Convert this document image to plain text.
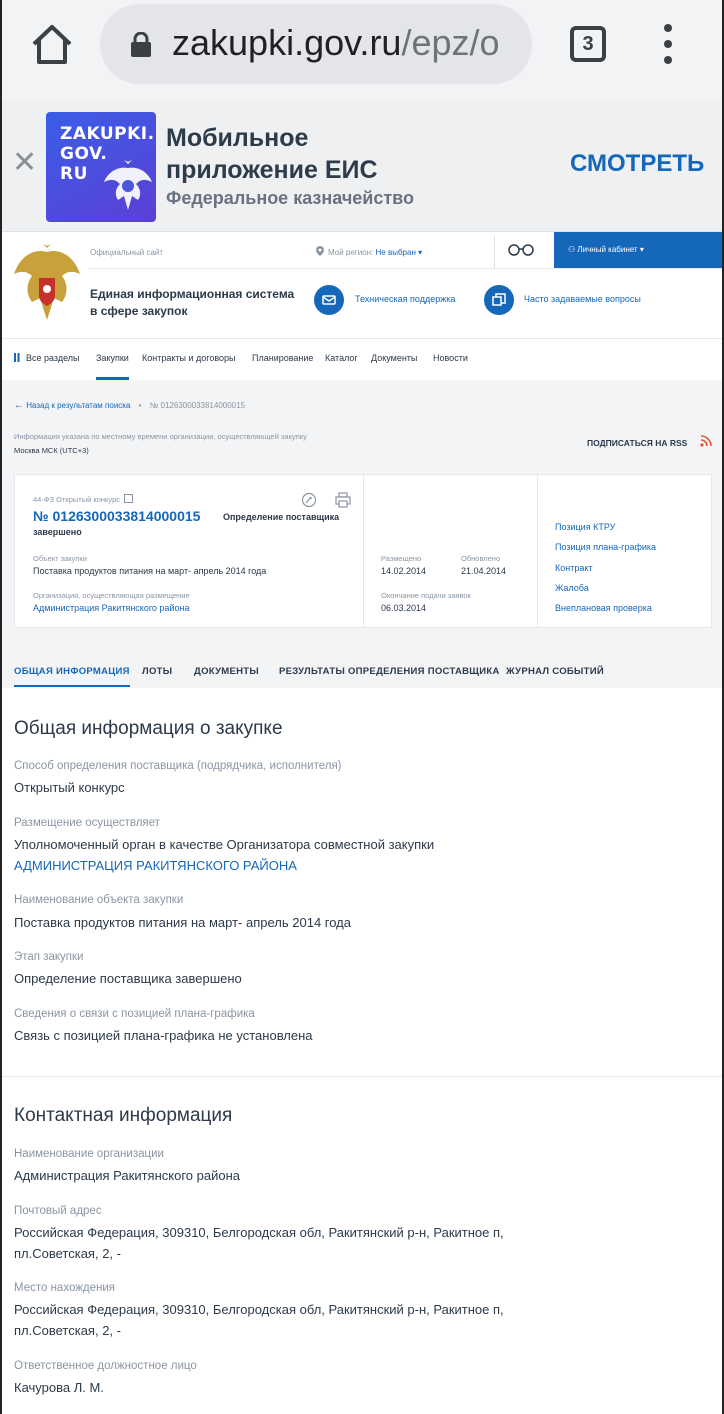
zakupki.gov.ru/epz/o	3
✕
ZAKUPKI. GOV. RU
Мобильное приложение ЕИС
Федеральное казначейство
СМОТРЕТЬ
Официальный сайт	Мой регион: Не выбран ▾	⚇ Личный кабинет ▾
Единая информационная система в сфере закупок
Техническая поддержка	Часто задаваемые вопросы
Все разделы Закупки Контракты и договоры Планирование Каталог Документы Новости
← Назад к результатам поиска • № 0126300033814000015
Информация указана по местному времени организации, осуществляющей закупку
Москва МСК (UTC+3)
ПОДПИСАТЬСЯ НА RSS
44-ФЗ Открытый конкурс
№ 0126300033814000015	Определение поставщика
завершено
Объект закупки
Поставка продуктов питания на март- апрель 2014 года
Организация, осуществляющая размещение
Администрация Ракитянского района
Размещено
14.02.2014
Обновлено
21.04.2014
Окончание подачи заявок
06.03.2014
Позиция КТРУ
Позиция плана-графика
Контракт
Жалоба
Внеплановая проверка
ОБЩАЯ ИНФОРМАЦИЯ ЛОТЫ ДОКУМЕНТЫ РЕЗУЛЬТАТЫ ОПРЕДЕЛЕНИЯ ПОСТАВЩИКА ЖУРНАЛ СОБЫТИЙ
Общая информация о закупке
Способ определения поставщика (подрядчика, исполнителя)
Открытый конкурс
Размещение осуществляет
Уполномоченный орган в качестве Организатора совместной закупки
АДМИНИСТРАЦИЯ РАКИТЯНСКОГО РАЙОНА
Наименование объекта закупки
Поставка продуктов питания на март- апрель 2014 года
Этап закупки
Определение поставщика завершено
Сведения о связи с позицией плана-графика
Связь с позицией плана-графика не установлена
Контактная информация
Наименование организации
Администрация Ракитянского района
Почтовый адрес
Российская Федерация, 309310, Белгородская обл, Ракитянский р-н, Ракитное п,
пл.Советская, 2, -
Место нахождения
Российская Федерация, 309310, Белгородская обл, Ракитянский р-н, Ракитное п,
пл.Советская, 2, -
Ответственное должностное лицо
Качурова Л. М.
